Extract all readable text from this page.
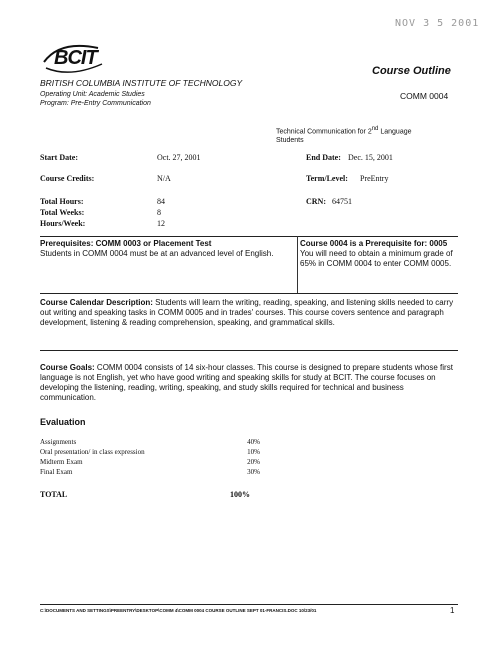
NOV 3 5 2001
BCIT
BRITISH COLUMBIA INSTITUTE OF TECHNOLOGY
Operating Unit: Academic Studies
Program: Pre-Entry Communication
Course Outline
COMM 0004
Technical Communication for 2nd Language
Students
Start Date:	Oct. 27, 2001	End Date: Dec. 15, 2001
Course Credits:	N/A	Term/Level: PreEntry
Total Hours:	84	CRN: 64751
Total Weeks:	8
Hours/Week:	12
Prerequisites: COMM 0003 or Placement Test
Students in COMM 0004 must be at an advanced level of English.
Course 0004 is a Prerequisite for: 0005
You will need to obtain a minimum grade of 65% in COMM 0004 to enter COMM 0005.
Course Calendar Description: Students will learn the writing, reading, speaking, and listening skills needed to carry out writing and speaking tasks in COMM 0005 and in trades' courses. This course covers sentence and paragraph development, listening & reading comprehension, speaking, and grammatical skills.
Course Goals: COMM 0004 consists of 14 six-hour classes. This course is designed to prepare students whose first language is not English, yet who have good writing and speaking skills for study at BCIT. The course focuses on developing the listening, reading, writing, speaking, and study skills required for technical and business communication.
Evaluation
Assignments	40%
Oral presentation/ in class expression	10%
Midterm Exam	20%
Final Exam	30%
TOTAL	100%
C:\DOCUMENTS AND SETTINGS\PREENTRY\DESKTOP\COMM 4\COMM 0004 COURSE OUTLINE SEPT 01-FRANCIS.DOC 10/23/01	1
